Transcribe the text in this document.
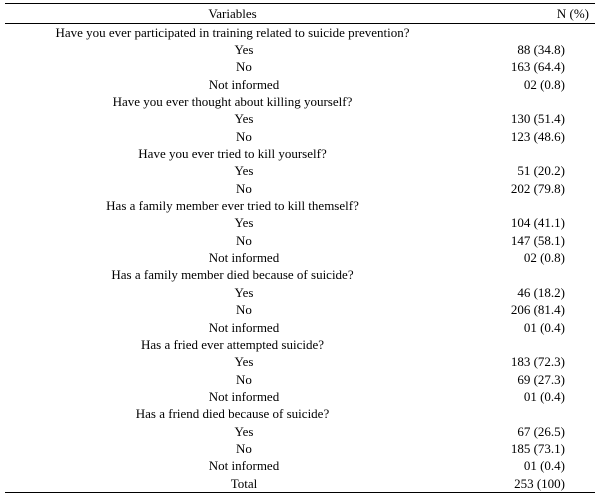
Variables	N (%)
Have you ever participated in training related to suicide prevention?	
Yes	88 (34.8)
No	163 (64.4)
Not informed	02 (0.8)
Have you ever thought about killing yourself?	
Yes	130 (51.4)
No	123 (48.6)
Have you ever tried to kill yourself?	
Yes	51 (20.2)
No	202 (79.8)
Has a family member ever tried to kill themself?	
Yes	104 (41.1)
No	147 (58.1)
Not informed	02 (0.8)
Has a family member died because of suicide?	
Yes	46 (18.2)
No	206 (81.4)
Not informed	01 (0.4)
Has a fried ever attempted suicide?	
Yes	183 (72.3)
No	69 (27.3)
Not informed	01 (0.4)
Has a friend died because of suicide?	
Yes	67 (26.5)
No	185 (73.1)
Not informed	01 (0.4)
Total	253 (100)
